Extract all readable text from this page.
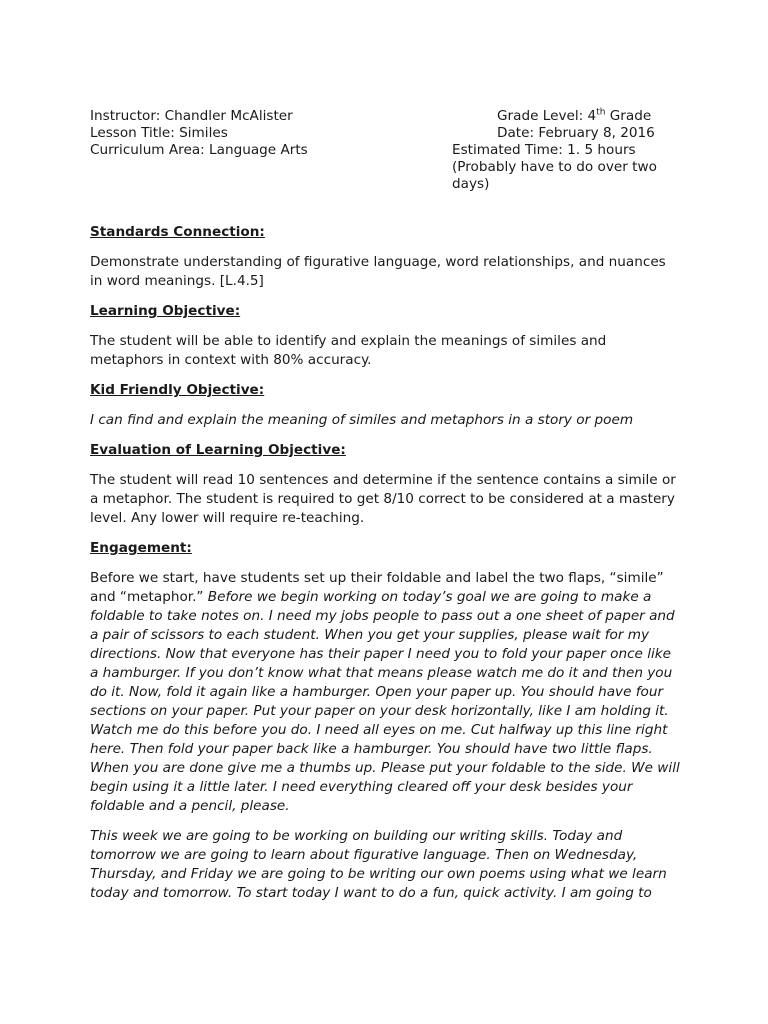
Instructor: Chandler McAlister
Lesson Title: Similes
Curriculum Area: Language Arts
Grade Level: 4th Grade
Date: February 8, 2016
Estimated Time: 1. 5 hours
(Probably have to do over two days)
Standards Connection:

Demonstrate understanding of figurative language, word relationships, and nuances in word meanings. [L.4.5]

Learning Objective:

The student will be able to identify and explain the meanings of similes and metaphors in context with 80% accuracy.

Kid Friendly Objective:

I can find and explain the meaning of similes and metaphors in a story or poem

Evaluation of Learning Objective:

The student will read 10 sentences and determine if the sentence contains a simile or a metaphor. The student is required to get 8/10 correct to be considered at a mastery level. Any lower will require re-teaching.

Engagement:

Before we start, have students set up their foldable and label the two flaps, “simile” and “metaphor.” Before we begin working on today’s goal we are going to make a foldable to take notes on. I need my jobs people to pass out a one sheet of paper and a pair of scissors to each student. When you get your supplies, please wait for my directions. Now that everyone has their paper I need you to fold your paper once like a hamburger. If you don’t know what that means please watch me do it and then you do it. Now, fold it again like a hamburger. Open your paper up. You should have four sections on your paper. Put your paper on your desk horizontally, like I am holding it. Watch me do this before you do. I need all eyes on me. Cut halfway up this line right here. Then fold your paper back like a hamburger. You should have two little flaps. When you are done give me a thumbs up. Please put your foldable to the side. We will begin using it a little later. I need everything cleared off your desk besides your foldable and a pencil, please.

This week we are going to be working on building our writing skills. Today and tomorrow we are going to learn about figurative language. Then on Wednesday, Thursday, and Friday we are going to be writing our own poems using what we learn today and tomorrow. To start today I want to do a fun, quick activity. I am going to
